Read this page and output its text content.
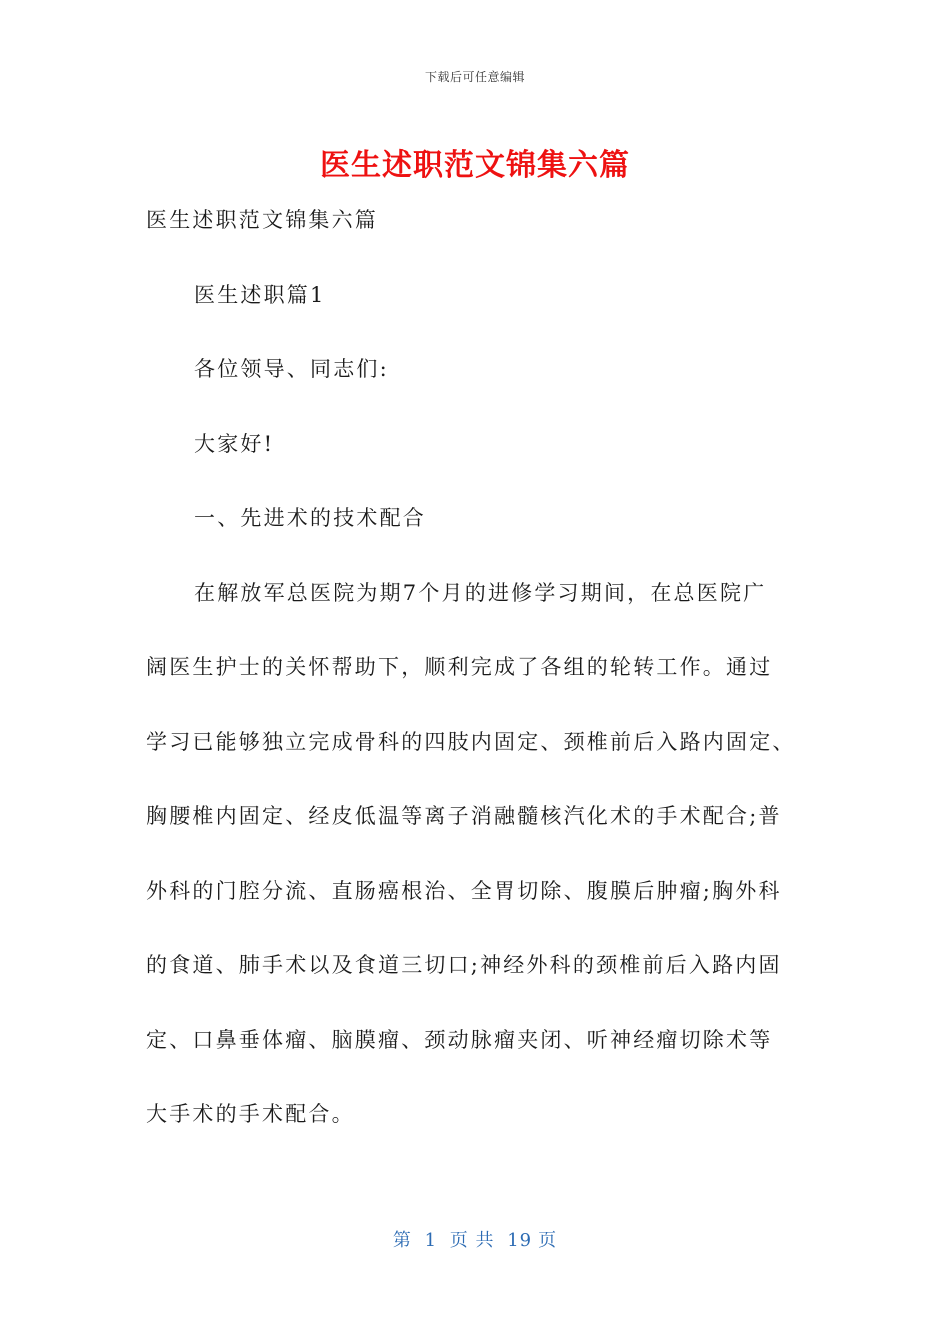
下载后可任意编辑
医生述职范文锦集六篇
医生述职范文锦集六篇
医生述职篇1
各位领导、同志们:
大家好!
一、先进术的技术配合
在解放军总医院为期7个月的进修学习期间，在总医院广
阔医生护士的关怀帮助下，顺利完成了各组的轮转工作。通过
学习已能够独立完成骨科的四肢内固定、颈椎前后入路内固定、
胸腰椎内固定、经皮低温等离子消融髓核汽化术的手术配合;普
外科的门腔分流、直肠癌根治、全胃切除、腹膜后肿瘤;胸外科
的食道、肺手术以及食道三切口;神经外科的颈椎前后入路内固
定、口鼻垂体瘤、脑膜瘤、颈动脉瘤夹闭、听神经瘤切除术等
大手术的手术配合。
第 1 页 共 19 页
